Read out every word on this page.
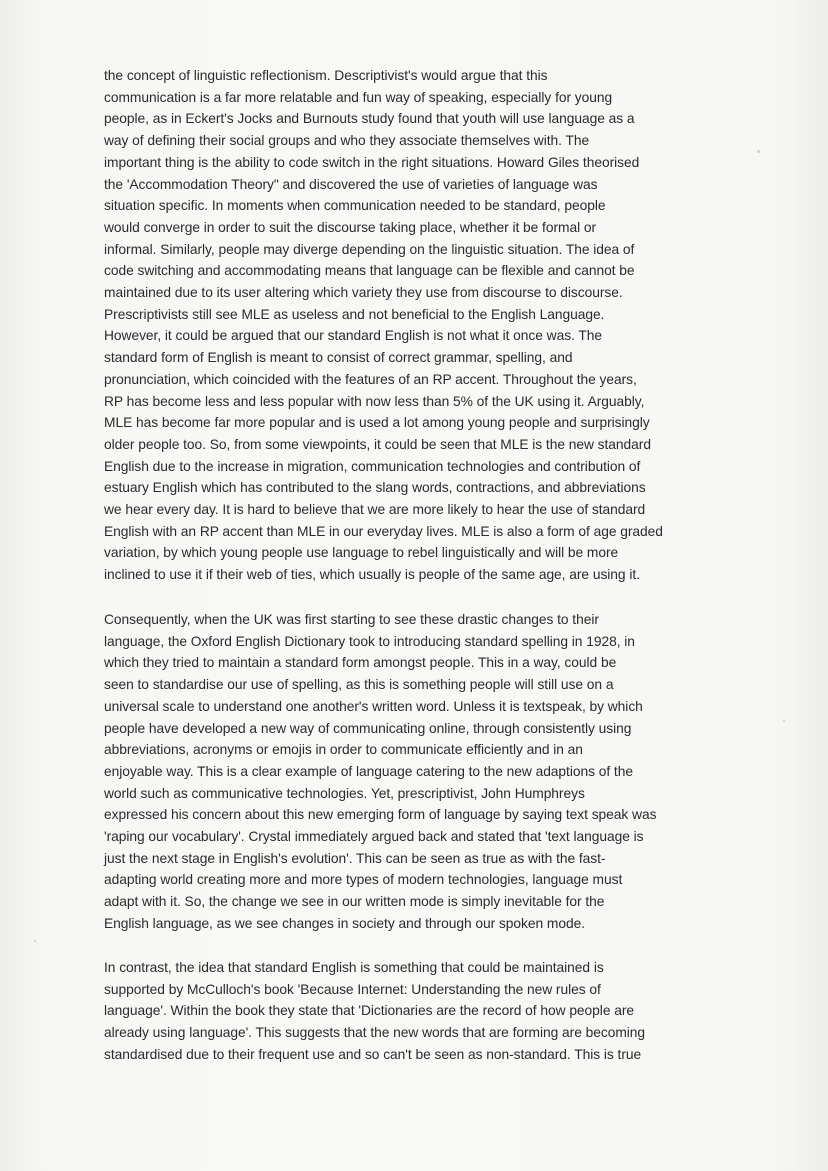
the concept of linguistic reflectionism. Descriptivist's would argue that this
communication is a far more relatable and fun way of speaking, especially for young
people, as in Eckert's Jocks and Burnouts study found that youth will use language as a
way of defining their social groups and who they associate themselves with. The
important thing is the ability to code switch in the right situations. Howard Giles theorised
the 'Accommodation Theory" and discovered the use of varieties of language was
situation specific. In moments when communication needed to be standard, people
would converge in order to suit the discourse taking place, whether it be formal or
informal. Similarly, people may diverge depending on the linguistic situation. The idea of
code switching and accommodating means that language can be flexible and cannot be
maintained due to its user altering which variety they use from discourse to discourse.
Prescriptivists still see MLE as useless and not beneficial to the English Language.
However, it could be argued that our standard English is not what it once was. The
standard form of English is meant to consist of correct grammar, spelling, and
pronunciation, which coincided with the features of an RP accent. Throughout the years,
RP has become less and less popular with now less than 5% of the UK using it. Arguably,
MLE has become far more popular and is used a lot among young people and surprisingly
older people too. So, from some viewpoints, it could be seen that MLE is the new standard
English due to the increase in migration, communication technologies and contribution of
estuary English which has contributed to the slang words, contractions, and abbreviations
we hear every day. It is hard to believe that we are more likely to hear the use of standard
English with an RP accent than MLE in our everyday lives. MLE is also a form of age graded
variation, by which young people use language to rebel linguistically and will be more
inclined to use it if their web of ties, which usually is people of the same age, are using it.

Consequently, when the UK was first starting to see these drastic changes to their
language, the Oxford English Dictionary took to introducing standard spelling in 1928, in
which they tried to maintain a standard form amongst people. This in a way, could be
seen to standardise our use of spelling, as this is something people will still use on a
universal scale to understand one another's written word. Unless it is textspeak, by which
people have developed a new way of communicating online, through consistently using
abbreviations, acronyms or emojis in order to communicate efficiently and in an
enjoyable way. This is a clear example of language catering to the new adaptions of the
world such as communicative technologies. Yet, prescriptivist, John Humphreys
expressed his concern about this new emerging form of language by saying text speak was
'raping our vocabulary'. Crystal immediately argued back and stated that 'text language is
just the next stage in English's evolution'. This can be seen as true as with the fast-
adapting world creating more and more types of modern technologies, language must
adapt with it. So, the change we see in our written mode is simply inevitable for the
English language, as we see changes in society and through our spoken mode.

In contrast, the idea that standard English is something that could be maintained is
supported by McCulloch's book 'Because Internet: Understanding the new rules of
language'. Within the book they state that 'Dictionaries are the record of how people are
already using language'. This suggests that the new words that are forming are becoming
standardised due to their frequent use and so can't be seen as non-standard. This is true
